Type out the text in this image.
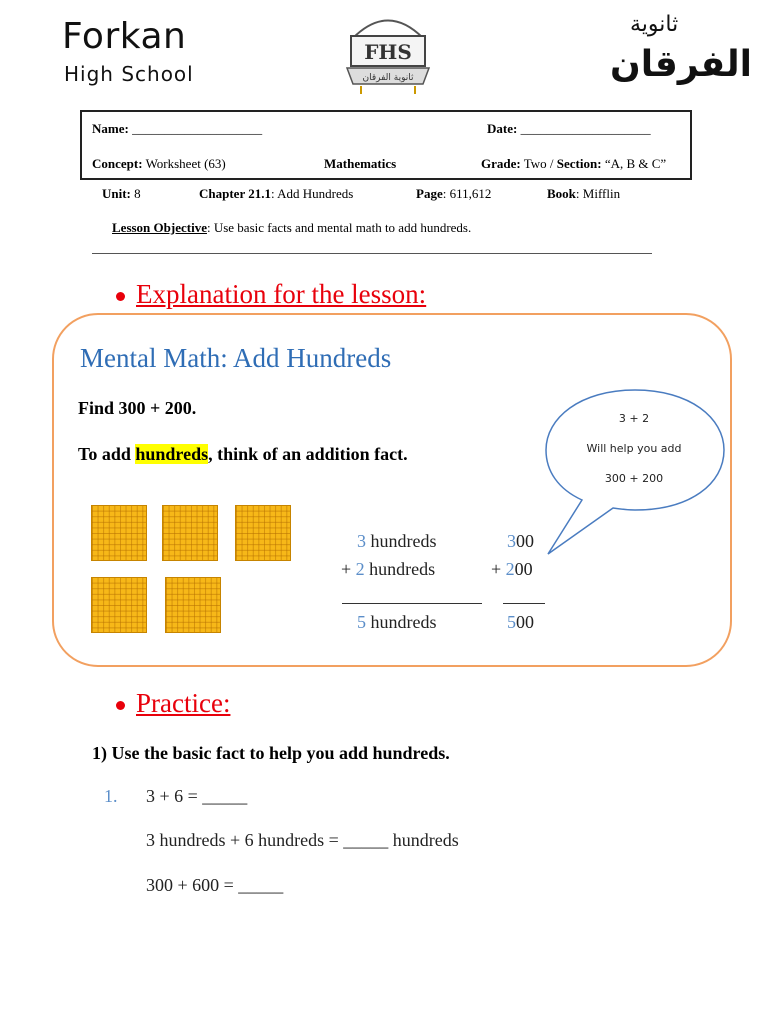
Forkan
High School
FHS
ثانوية الفرقان
ثانوية
الفرقان
Name: ____________________	Date: ____________________
Concept: Worksheet (63)	Mathematics	Grade: Two / Section: “A, B & C”
Unit: 8	Chapter 21.1: Add Hundreds	Page: 611,612	Book: Mifflin
Lesson Objective: Use basic facts and mental math to add hundreds.
Explanation for the lesson:
Mental Math: Add Hundreds
Find 300 + 200.
To add hundreds, think of an addition fact.
3 + 2
Will help you add
300 + 200
3 hundreds	300
+ 2 hundreds	+ 200
5 hundreds	500
Practice:
1) Use the basic fact to help you add hundreds.
1. 3 + 6 = _____
3 hundreds + 6 hundreds = _____ hundreds
300 + 600 = _____
